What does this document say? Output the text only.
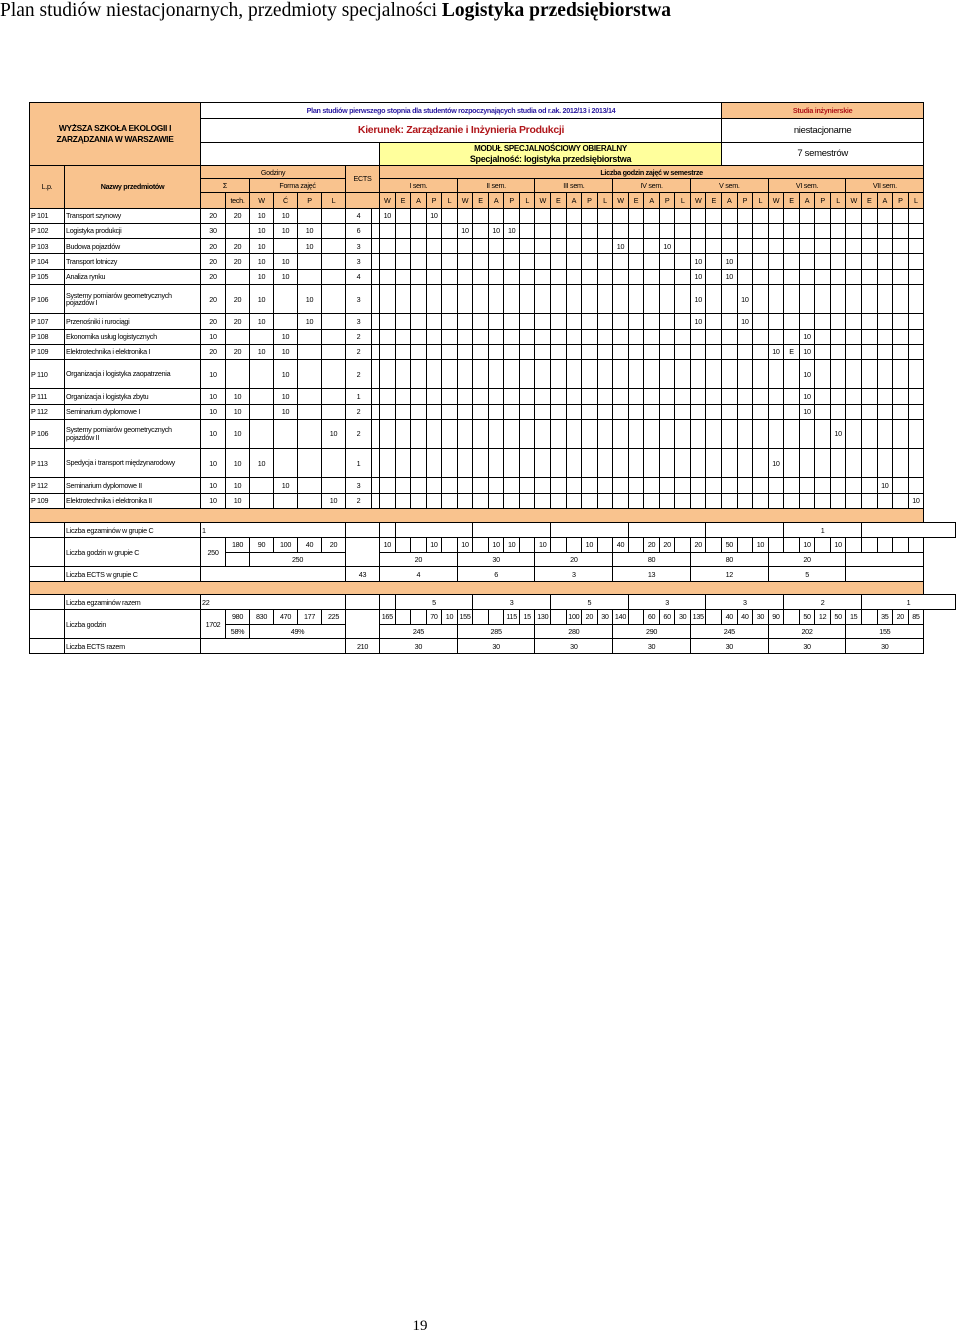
Plan studiów niestacjonarnych, przedmioty specjalności Logistyka przedsiębiorstwa
WYŻSZA SZKOŁA EKOLOGII I ZARZĄDZANIA W WARSZAWIE		Plan studiów pierwszego stopnia dla studentów rozpoczynających studia od r.ak. 2012/13 i 2013/14																														Studia inżynierskie												
		Kierunek: Zarządzanie i Inżynieria Produkcji																														niestacjonarne												

										MODUŁ SPECJALNOŚCIOWY OBIERALNY
Specjalność: logistyka przedsiębiorstwa																						7 semestrów												
L.p.	Nazwy przedmiotów	Godziny						ECTS		Liczba godzin zajęć w semestrze																																		
		Σ		Forma zajęć						I sem.					II sem.					III sem.					IV sem.					V sem.					VI sem.					VII sem.				
			tech.	W	Ć	P	L			W	E	A	P	L	W	E	A	P	L	W	E	A	P	L	W	E	A	P	L	W	E	A	P	L	W	E	A	P	L	W	E	A	P	L
P 101	Transport szynowy	20	20	10	10			4		10			10																															
P 102	Logistyka produkcji	30		10	10	10		6							10		10	10																										
P 103	Budowa pojazdów	20	20	10		10		3																	10			10																
P 104	Transport lotniczy	20	20	10	10			3																						10		10												
P 105	Analiza rynku	20		10	10			4																						10		10												
P 106	Systemy pomiarów geometrycznych pojazdów I	20	20	10		10		3																						10			10											
P 107	Przenośniki i rurociągi	20	20	10		10		3																						10			10											
P 108	Ekonomika usług logistycznych	10			10			2																													10							
P 109	Elektrotechnika i elektronika I	20	20	10	10			2																											10	E	10							
P 110	Organizacja i logistyka zaopatrzenia	10			10			2																													10							
P 111	Organizacja i logistyka zbytu	10	10		10			1																													10							
P 112	Seminarium dyplomowe I	10	10		10			2																													10							
P 106	Systemy pomiarów geometrycznych pojazdów II	10	10				10	2																															10					
P 113	Spedycja i transport międzynarodowy	10	10	10				1																											10									
P 112	Seminarium dyplomowe II	10	10		10			3																																		10		
P 109	Elektrotechnika i elektronika II	10	10				10	2																																				10

	Liczba egzaminów w grupie C	1																																		1								
	Liczba godzin w grupie C	250	180	90	100	40	20			10			10		10		10	10		10			10		40		20	20		20		50		10			10		10					
				250						20					30					20					80					80					20									
	Liczba ECTS w grupie C							43		4					6					3					13					12					5									

	Liczba egzaminów razem	22									5					3					5					3					3					2					1			
	Liczba godzin	1702	980	830	470	177	225			165			70	10	155			115	15	130		100	20	30	140		60	60	30	135		40	40	30	90		50	12	50	15		35	20	85
			58%	49%						245					285					280					290					245					202					155				
	Liczba ECTS razem							210		30					30					30					30					30					30					30				
19
